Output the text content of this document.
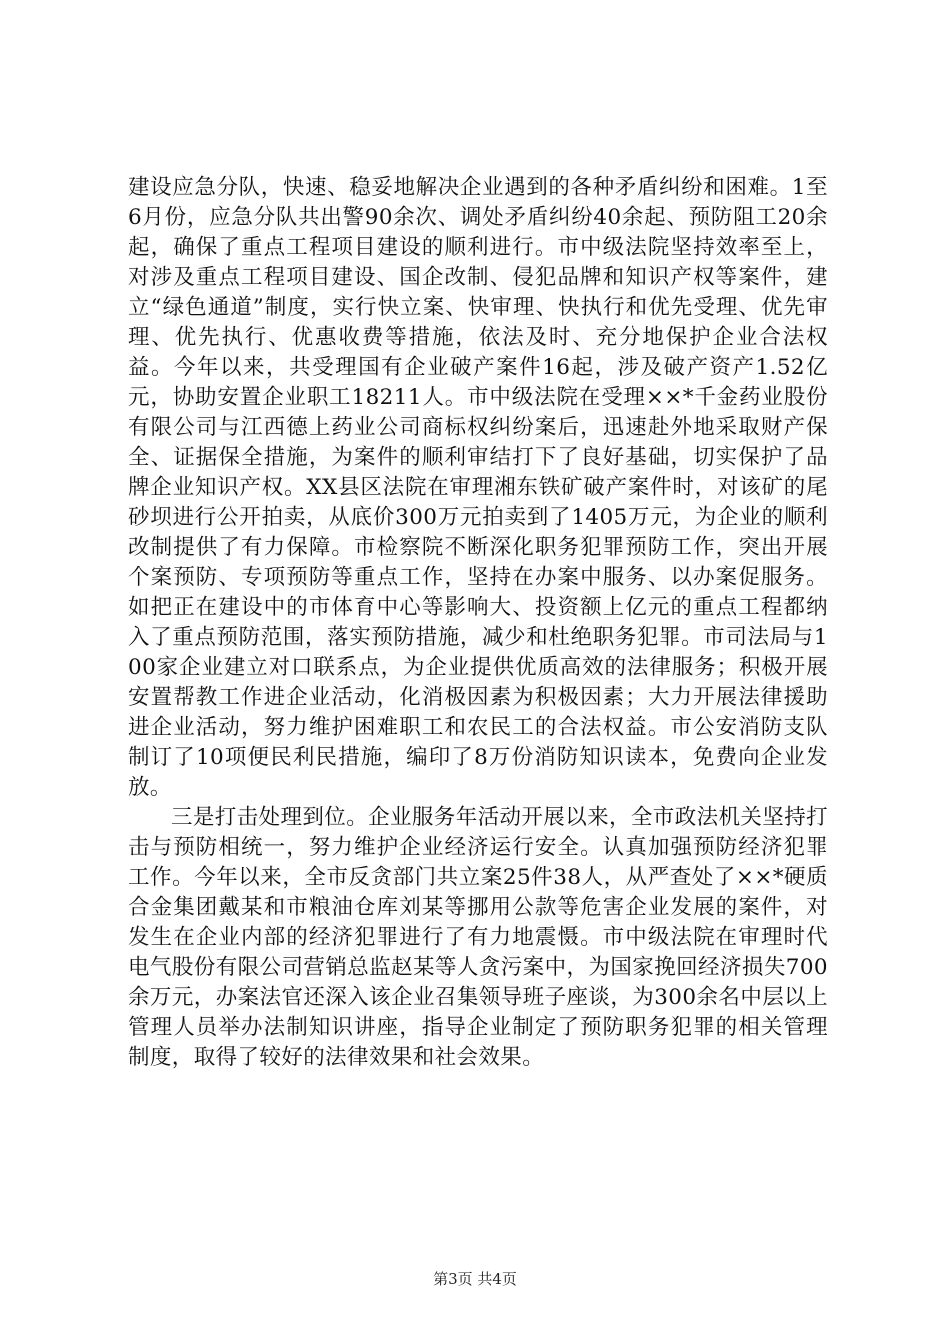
建设应急分队，快速、稳妥地解决企业遇到的各种矛盾纠纷和困难。1至6月份，应急分队共出警90余次、调处矛盾纠纷40余起、预防阻工20余起，确保了重点工程项目建设的顺利进行。市中级法院坚持效率至上，对涉及重点工程项目建设、国企改制、侵犯品牌和知识产权等案件，建立“绿色通道”制度，实行快立案、快审理、快执行和优先受理、优先审理、优先执行、优惠收费等措施，依法及时、充分地保护企业合法权益。今年以来，共受理国有企业破产案件16起，涉及破产资产1.52亿元，协助安置企业职工18211人。市中级法院在受理××*千金药业股份有限公司与江西德上药业公司商标权纠纷案后，迅速赴外地采取财产保全、证据保全措施，为案件的顺利审结打下了良好基础，切实保护了品牌企业知识产权。XX县区法院在审理湘东铁矿破产案件时，对该矿的尾砂坝进行公开拍卖，从底价300万元拍卖到了1405万元，为企业的顺利改制提供了有力保障。市检察院不断深化职务犯罪预防工作，突出开展个案预防、专项预防等重点工作，坚持在办案中服务、以办案促服务。如把正在建设中的市体育中心等影响大、投资额上亿元的重点工程都纳入了重点预防范围，落实预防措施，减少和杜绝职务犯罪。市司法局与100家企业建立对口联系点，为企业提供优质高效的法律服务；积极开展安置帮教工作进企业活动，化消极因素为积极因素；大力开展法律援助进企业活动，努力维护困难职工和农民工的合法权益。市公安消防支队制订了10项便民利民措施，编印了8万份消防知识读本，免费向企业发放。

三是打击处理到位。企业服务年活动开展以来，全市政法机关坚持打击与预防相统一，努力维护企业经济运行安全。认真加强预防经济犯罪工作。今年以来，全市反贪部门共立案25件38人，从严查处了××*硬质合金集团戴某和市粮油仓库刘某等挪用公款等危害企业发展的案件，对发生在企业内部的经济犯罪进行了有力地震慑。市中级法院在审理时代电气股份有限公司营销总监赵某等人贪污案中，为国家挽回经济损失700余万元，办案法官还深入该企业召集领导班子座谈，为300余名中层以上管理人员举办法制知识讲座，指导企业制定了预防职务犯罪的相关管理制度，取得了较好的法律效果和社会效果。

第3页 共4页
